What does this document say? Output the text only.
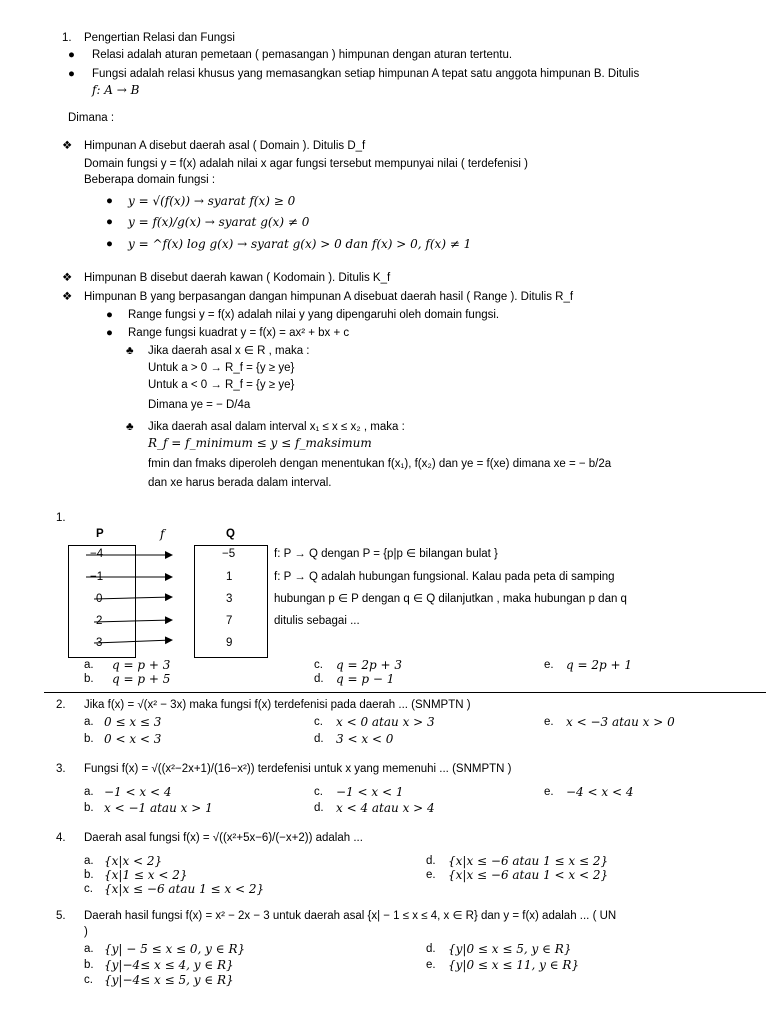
1. Pengertian Relasi dan Fungsi
● Relasi adalah aturan pemetaan ( pemasangan ) himpunan dengan aturan tertentu.
● Fungsi adalah relasi khusus yang memasangkan setiap himpunan A tepat satu anggota himpunan B. Ditulis
f: A → B
Dimana :
❖ Himpunan A disebut daerah asal ( Domain ). Ditulis D_f
Domain fungsi y = f(x) adalah nilai x agar fungsi tersebut mempunyai nilai ( terdefenisi )
Beberapa domain fungsi :
● y = √(f(x)) → syarat f(x) ≥ 0
● y = f(x)/g(x) → syarat g(x) ≠ 0
● y = ^f(x) log g(x) → syarat g(x) > 0 dan f(x) > 0, f(x) ≠ 1
❖ Himpunan B disebut daerah kawan ( Kodomain ). Ditulis K_f
❖ Himpunan B yang berpasangan dangan himpunan A disebuat daerah hasil ( Range ). Ditulis R_f
● Range fungsi y = f(x) adalah nilai y yang dipengaruhi oleh domain fungsi.
● Range fungsi kuadrat y = f(x) = ax² + bx + c
♣ Jika daerah asal x ∈ R , maka :
Untuk a > 0 → R_f = {y ≥ ye}
Untuk a < 0 → R_f = {y ≥ ye}
Dimana ye = − D/4a
♣ Jika daerah asal dalam interval x₁ ≤ x ≤ x₂ , maka :
R_f = f_minimum ≤ y ≤ f_maksimum
fmin dan fmaks diperoleh dengan menentukan f(x₁), f(x₂) dan ye = f(xe) dimana xe = − b/2a
dan xe harus berada dalam interval.
1.
P	f	Q
−4
−1
0
2
3
−5
1
3
7
9
f: P → Q dengan P = {p|p ∈ bilangan bulat }
f: P → Q adalah hubungan fungsional. Kalau pada peta di samping
hubungan p ∈ P dengan q ∈ Q dilanjutkan , maka hubungan p dan q
ditulis sebagai ...
a. q = p + 3
b. q = p + 5
c. q = 2p + 3
d. q = p − 1
e. q = 2p + 1
2. Jika f(x) = √(x² − 3x) maka fungsi f(x) terdefenisi pada daerah ... (SNMPTN )
a. 0 ≤ x ≤ 3
b. 0 < x < 3
c. x < 0 atau x > 3
d. 3 < x < 0
e. x < −3 atau x > 0
3. Fungsi f(x) = √((x²−2x+1)/(16−x²)) terdefenisi untuk x yang memenuhi ... (SNMPTN )
a. −1 < x < 4
b. x < −1 atau x > 1
c. −1 < x < 1
d. x < 4 atau x > 4
e. −4 < x < 4
4. Daerah asal fungsi f(x) = √((x²+5x−6)/(−x+2)) adalah ...
a. {x|x < 2}
b. {x|1 ≤ x < 2}
c. {x|x ≤ −6 atau 1 ≤ x < 2}
d. {x|x ≤ −6 atau 1 ≤ x ≤ 2}
e. {x|x ≤ −6 atau 1 < x < 2}
5. Daerah hasil fungsi f(x) = x² − 2x − 3 untuk daerah asal {x| − 1 ≤ x ≤ 4, x ∈ R} dan y = f(x) adalah ... ( UN
)
a. {y| − 5 ≤ x ≤ 0, y ∈ R}
b. {y|−4≤ x ≤ 4, y ∈ R}
c. {y|−4≤ x ≤ 5, y ∈ R}
d. {y|0 ≤ x ≤ 5, y ∈ R}
e. {y|0 ≤ x ≤ 11, y ∈ R}
